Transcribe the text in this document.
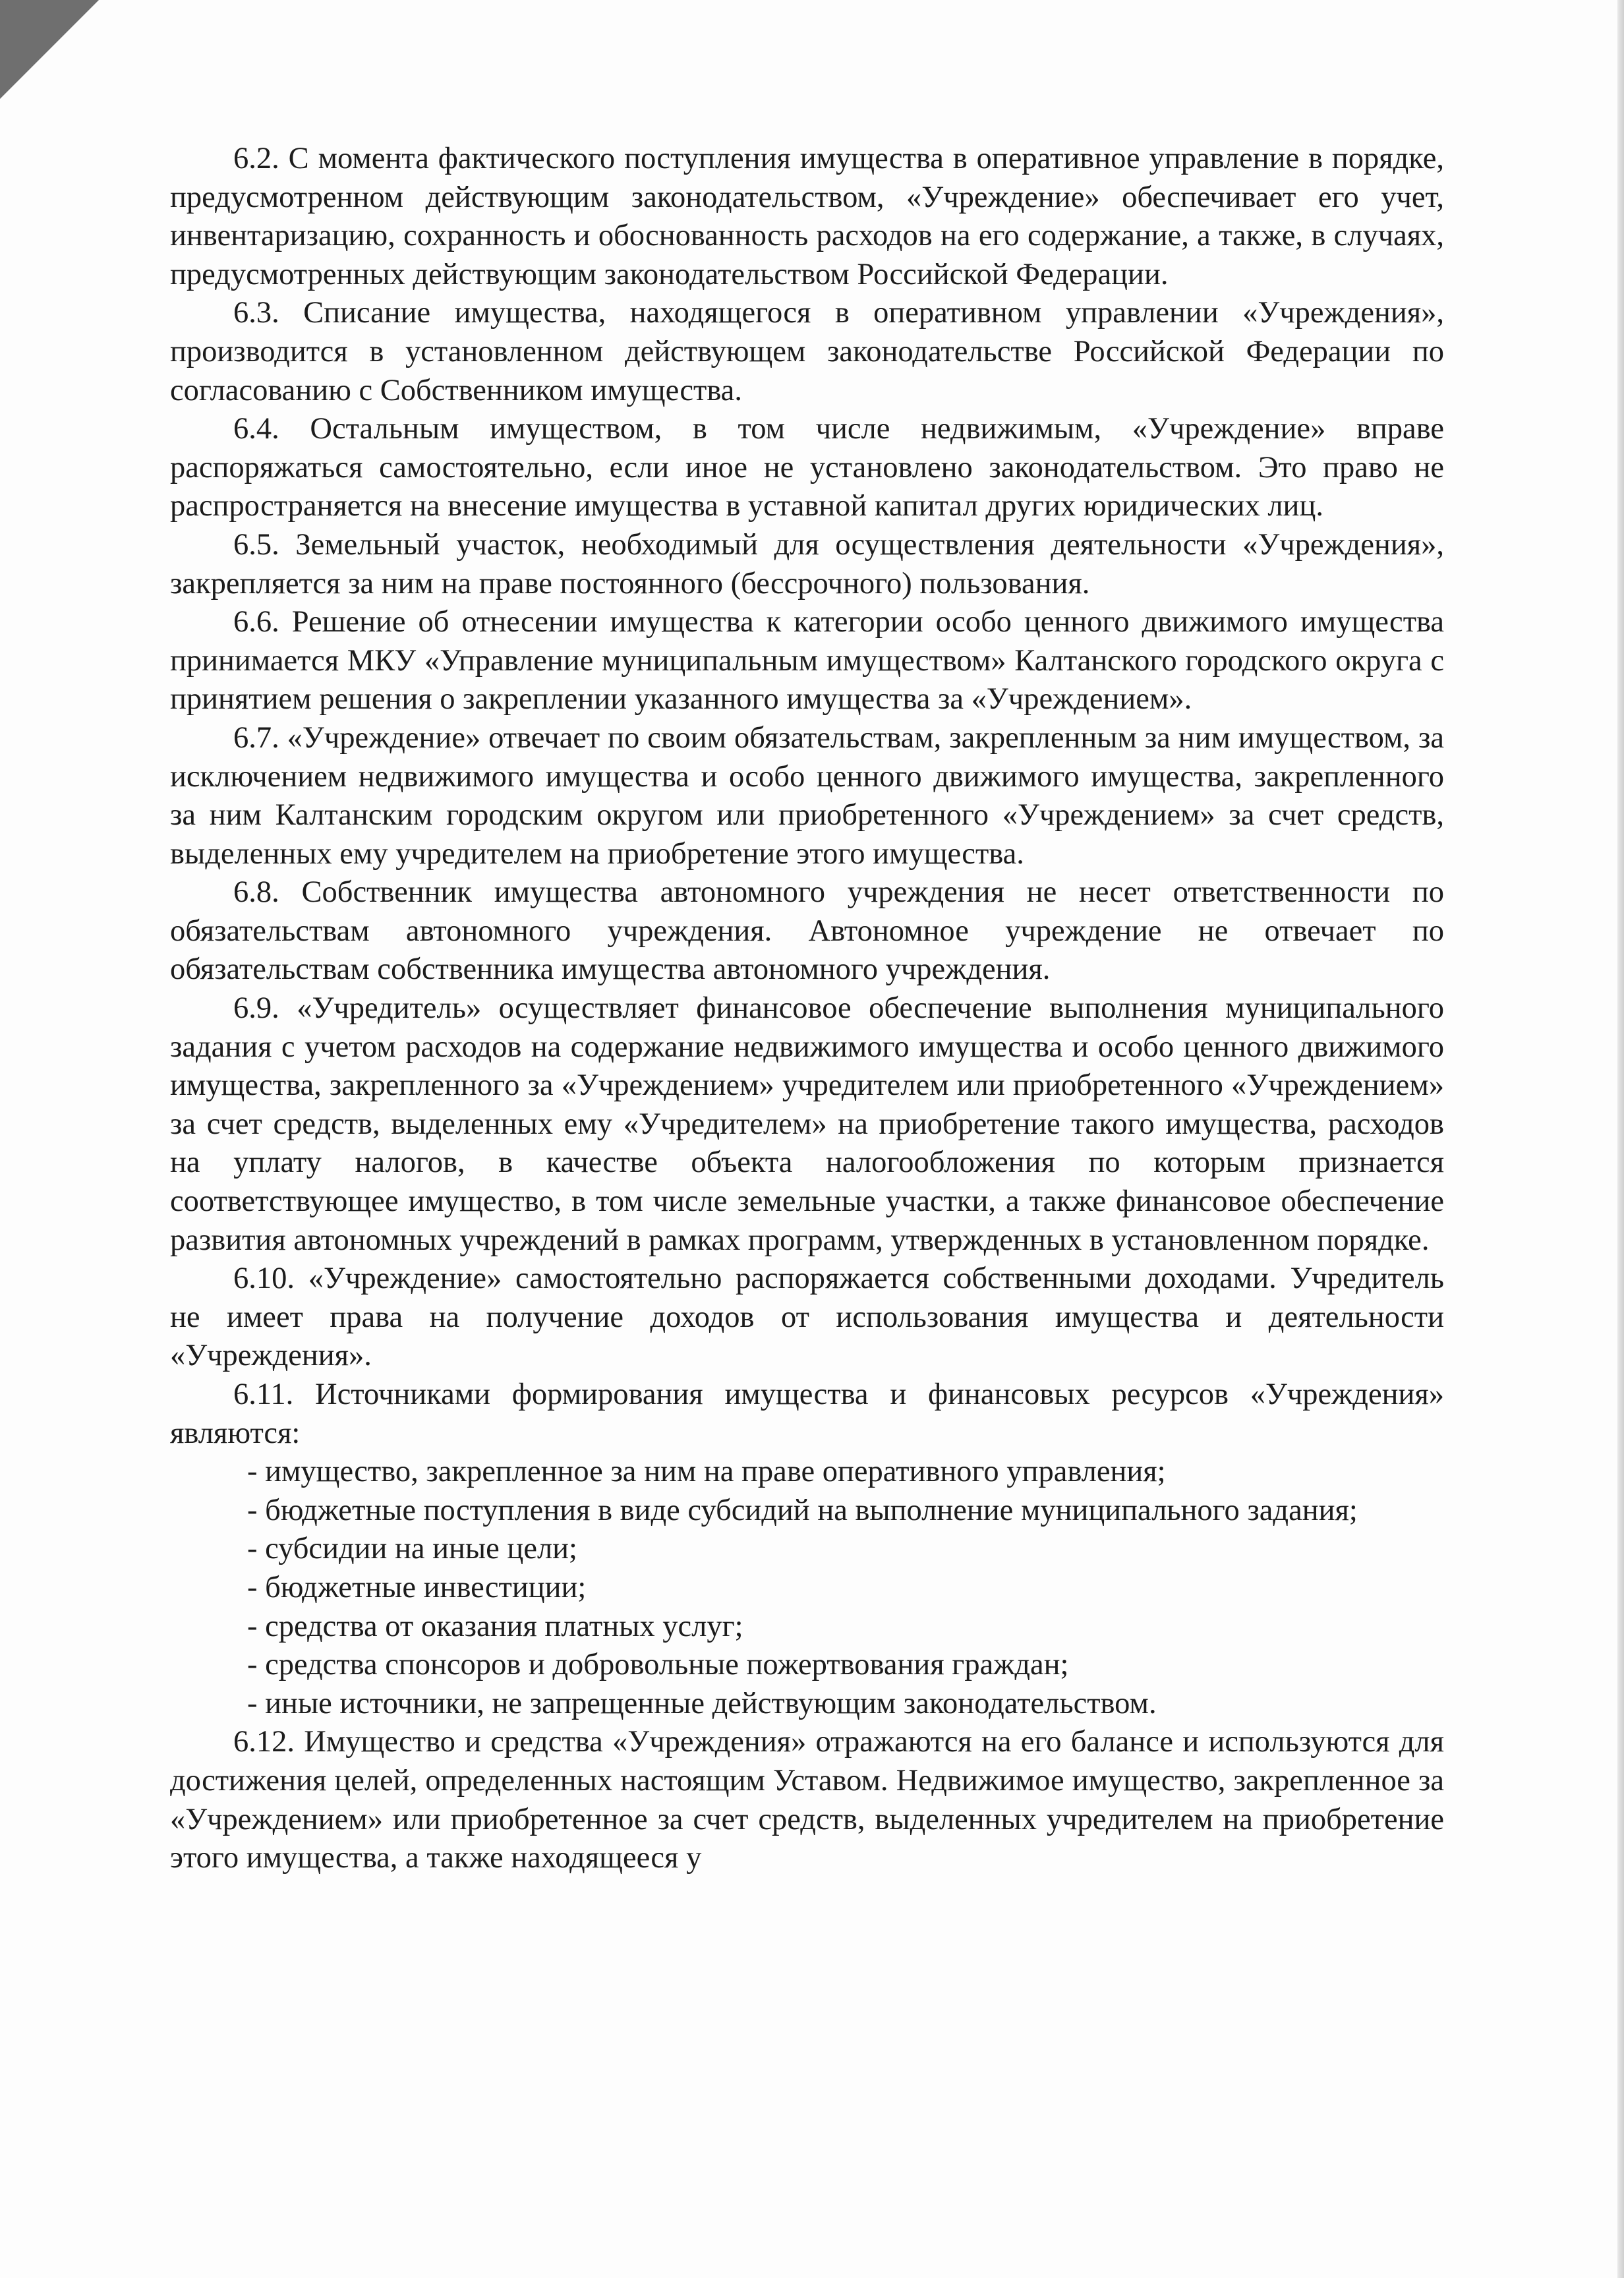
6.2. С момента фактического поступления имущества в оперативное управление в порядке, предусмотренном действующим законодательством, «Учреждение» обеспечивает его учет, инвентаризацию, сохранность и обоснованность расходов на его содержание, а также, в случаях, предусмотренных действующим законодательством Российской Федерации.

6.3. Списание имущества, находящегося в оперативном управлении «Учреждения», производится в установленном действующем законодательстве Российской Федерации по согласованию с Собственником имущества.

6.4. Остальным имуществом, в том числе недвижимым, «Учреждение» вправе распоряжаться самостоятельно, если иное не установлено законодательством. Это право не распространяется на внесение имущества в уставной капитал других юридических лиц.

6.5. Земельный участок, необходимый для осуществления деятельности «Учреждения», закрепляется за ним на праве постоянного (бессрочного) пользования.

6.6. Решение об отнесении имущества к категории особо ценного движимого имущества принимается МКУ «Управление муниципальным имуществом» Калтанского городского округа с принятием решения о закреплении указанного имущества за «Учреждением».

6.7. «Учреждение» отвечает по своим обязательствам, закрепленным за ним имуществом, за исключением недвижимого имущества и особо ценного движимого имущества, закрепленного за ним Калтанским городским округом или приобретенного «Учреждением» за счет средств, выделенных ему учредителем на приобретение этого имущества.

6.8. Собственник имущества автономного учреждения не несет ответственности по обязательствам автономного учреждения. Автономное учреждение не отвечает по обязательствам собственника имущества автономного учреждения.

6.9. «Учредитель» осуществляет финансовое обеспечение выполнения муниципального задания с учетом расходов на содержание недвижимого имущества и особо ценного движимого имущества, закрепленного за «Учреждением» учредителем или приобретенного «Учреждением» за счет средств, выделенных ему «Учредителем» на приобретение такого имущества, расходов на уплату налогов, в качестве объекта налогообложения по которым признается соответствующее имущество, в том числе земельные участки, а также финансовое обеспечение развития автономных учреждений в рамках программ, утвержденных в установленном порядке.

6.10. «Учреждение» самостоятельно распоряжается собственными доходами. Учредитель не имеет права на получение доходов от использования имущества и деятельности «Учреждения».

6.11. Источниками формирования имущества и финансовых ресурсов «Учреждения» являются:

- имущество, закрепленное за ним на праве оперативного управления;

- бюджетные поступления в виде субсидий на выполнение муниципального задания;

- субсидии на иные цели;

- бюджетные инвестиции;

- средства от оказания платных услуг;

- средства спонсоров и добровольные пожертвования граждан;

- иные источники, не запрещенные действующим законодательством.

6.12. Имущество и средства «Учреждения» отражаются на его балансе и используются для достижения целей, определенных настоящим Уставом. Недвижимое имущество, закрепленное за «Учреждением» или приобретенное за счет средств, выделенных учредителем на приобретение этого имущества, а также находящееся у
